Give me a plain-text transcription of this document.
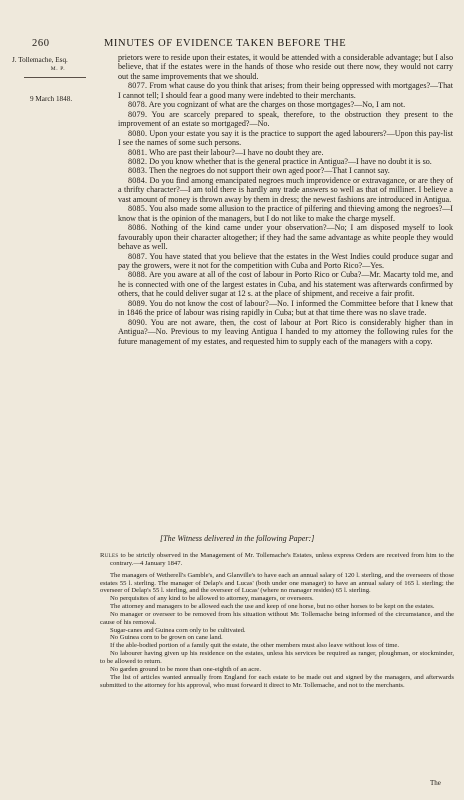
260	MINUTES OF EVIDENCE TAKEN BEFORE THE
J. Tollemache, Esq.
M. P.
9 March 1848.

prietors were to reside upon their estates, it would be attended with a considerable advantage; but I also believe, that if the estates were in the hands of those who reside out there now, they would not carry out the same improvements that we should.

8077. From what cause do you think that arises; from their being oppressed with mortgages?—That I cannot tell; I should fear a good many were indebted to their merchants.

8078. Are you cognizant of what are the charges on those mortgages?—No, I am not.

8079. You are scarcely prepared to speak, therefore, to the obstruction they present to the improvement of an estate so mortgaged?—No.

8080. Upon your estate you say it is the practice to support the aged labourers?—Upon this pay-list I see the names of some such persons.

8081. Who are past their labour?—I have no doubt they are.

8082. Do you know whether that is the general practice in Antigua?—I have no doubt it is so.

8083. Then the negroes do not support their own aged poor?—That I cannot say.

8084. Do you find among emancipated negroes much improvidence or extravagance, or are they of a thrifty character?—I am told there is hardly any trade answers so well as that of milliner. I believe a vast amount of money is thrown away by them in dress; the newest fashions are introduced in Antigua.

8085. You also made some allusion to the practice of pilfering and thieving among the negroes?—I know that is the opinion of the managers, but I do not like to make the charge myself.

8086. Nothing of the kind came under your observation?—No; I am disposed myself to look favourably upon their character altogether; if they had the same advantage as white people they would behave as well.

8087. You have stated that you believe that the estates in the West Indies could produce sugar and pay the growers, were it not for the competition with Cuba and Porto Rico?—Yes.

8088. Are you aware at all of the cost of labour in Porto Rico or Cuba?—Mr. Macarty told me, and he is connected with one of the largest estates in Cuba, and his statement was afterwards confirmed by others, that he could deliver sugar at 12 s. at the place of shipment, and receive a fair profit.

8089. You do not know the cost of labour?—No. I informed the Committee before that I knew that in 1846 the price of labour was rising rapidly in Cuba; but at that time there was no slave trade.

8090. You are not aware, then, the cost of labour at Port Rico is considerably higher than in Antigua?—No. Previous to my leaving Antigua I handed to my attorney the following rules for the future management of my estates, and requested him to supply each of the managers with a copy.

[The Witness delivered in the following Paper:]

Rules to be strictly observed in the Management of Mr. Tollemache's Estates, unless express Orders are received from him to the contrary.—4 January 1847.

The managers of Wetherell's Gamble's, and Glanville's to have each an annual salary of 120 l. sterling, and the overseers of those estates 55 l. sterling. The manager of Delap's and Lucas' (both under one manager) to have an annual salary of 165 l. sterling; the overseer of Delap's 55 l. sterling, and the overseer of Lucas' (where no manager resides) 65 l. sterling.

No perquisites of any kind to be allowed to attorney, managers, or overseers.

The attorney and managers to be allowed each the use and keep of one horse, but no other horses to be kept on the estates.

No manager or overseer to be removed from his situation without Mr. Tollemache being informed of the circumstance, and the cause of his removal.

Sugar-canes and Guinea corn only to be cultivated.

No Guinea corn to be grown on cane land.

If the able-bodied portion of a family quit the estate, the other members must also leave without loss of time.

No labourer having given up his residence on the estates, unless his services be required as ranger, ploughman, or stockminder, to be allowed to return.

No garden ground to be more than one-eighth of an acre.

The list of articles wanted annually from England for each estate to be made out and signed by the managers, and afterwards submitted to the attorney for his approval, who must forward it direct to Mr. Tollemache, and not to the merchants.

The
